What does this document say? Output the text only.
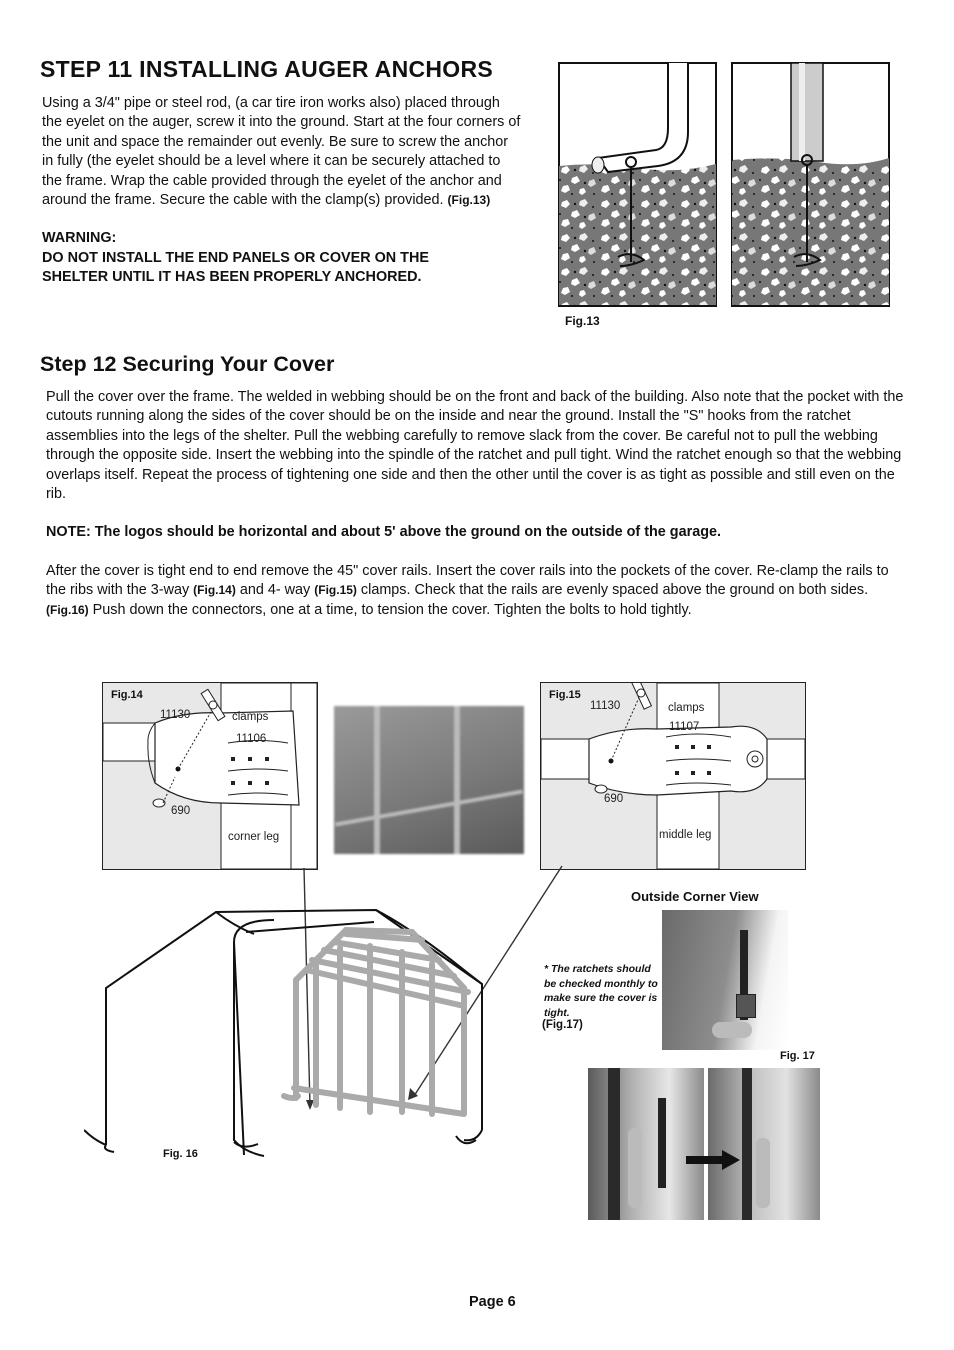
STEP 11 INSTALLING AUGER ANCHORS
Using a 3/4" pipe or steel rod, (a car tire iron works also) placed through the eyelet on the auger, screw it into the ground. Start at the four corners of the unit and space the remainder out evenly. Be sure to screw the anchor in fully (the eyelet should be a level where it can be securely attached to the frame. Wrap the cable provided through the eyelet of the anchor and around the frame. Secure the cable with the clamp(s) provided. (Fig.13)
WARNING:
DO NOT INSTALL THE END PANELS OR COVER ON THE SHELTER UNTIL IT HAS BEEN PROPERLY ANCHORED.
Fig.13
Step 12 Securing Your Cover

Pull the cover over the frame. The welded in webbing should be on the front and back of the building. Also note that the pocket with the cutouts running along the sides of the cover should be on the inside and near the ground. Install the "S" hooks from the ratchet assemblies into the legs of the shelter. Pull the webbing carefully to remove slack from the cover. Be careful not to pull the webbing through the opposite side. Insert the webbing into the spindle of the ratchet and pull tight. Wind the ratchet enough so that the webbing overlaps itself. Repeat the process of tightening one side and then the other until the cover is as tight as possible and still even on the rib.

NOTE: The logos should be horizontal and about 5' above the ground on the outside of the garage.

After the cover is tight end to end remove the 45" cover rails. Insert the cover rails into the pockets of the cover. Re-clamp the rails to the ribs with the 3-way (Fig.14) and 4- way (Fig.15) clamps. Check that the rails are evenly spaced above the ground on both sides. (Fig.16) Push down the connectors, one at a time, to tension the cover. Tighten the bolts to hold tightly.

Fig.14
11130	clamps
11106
690
corner leg
Fig.15
11130	clamps
11107
690
middle leg
Fig. 16
Outside Corner View
* The ratchets should be checked monthly to make sure the cover is tight.
(Fig.17)
Fig. 17
Page 6
